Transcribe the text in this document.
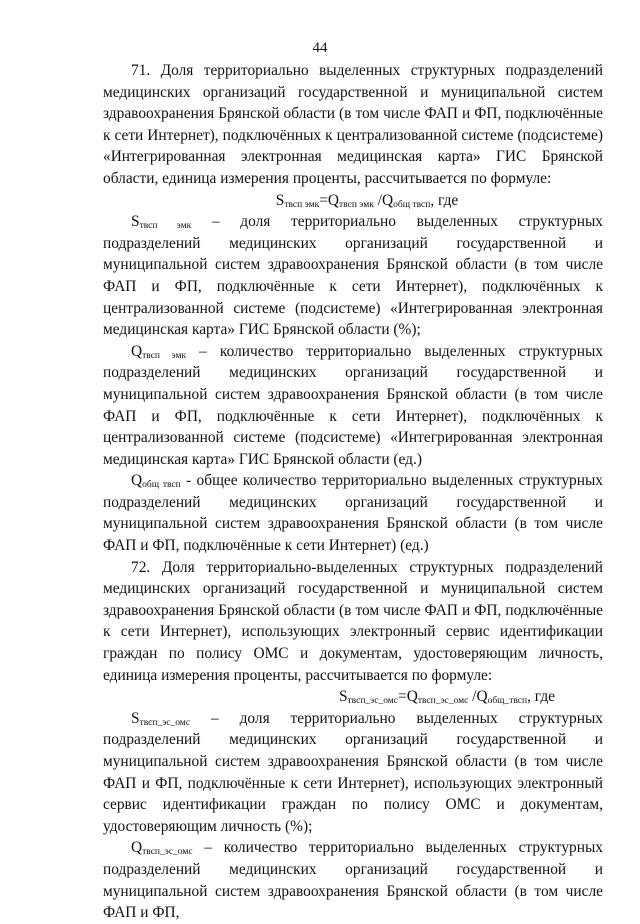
44

71. Доля территориально выделенных структурных подразделений медицинских организаций государственной и муниципальной систем здравоохранения Брянской области (в том числе ФАП и ФП, подключённые к сети Интернет), подключённых к централизованной системе (подсистеме) «Интегрированная электронная медицинская карта» ГИС Брянской области, единица измерения проценты, рассчитывается по формуле:

$S_{твсп эмк}=Q_{твсп эмк}$ $/Q_{общ твсп}$, где

$S_{твсп эмк}$ – доля территориально выделенных структурных подразделений медицинских организаций государственной и муниципальной систем здравоохранения Брянской области (в том числе ФАП и ФП, подключённые к сети Интернет), подключённых к централизованной системе (подсистеме) «Интегрированная электронная медицинская карта» ГИС Брянской области (%);

$Q_{твсп эмк}$ – количество территориально выделенных структурных подразделений медицинских организаций государственной и муниципальной систем здравоохранения Брянской области (в том числе ФАП и ФП, подключённые к сети Интернет), подключённых к централизованной системе (подсистеме) «Интегрированная электронная медицинская карта» ГИС Брянской области (ед.)

$Q_{общ твсп}$ - общее количество территориально выделенных структурных подразделений медицинских организаций государственной и муниципальной систем здравоохранения Брянской области (в том числе ФАП и ФП, подключённые к сети Интернет) (ед.)

72. Доля территориально-выделенных структурных подразделений медицинских организаций государственной и муниципальной систем здравоохранения Брянской области (в том числе ФАП и ФП, подключённые к сети Интернет), использующих электронный сервис идентификации граждан по полису ОМС и документам, удостоверяющим личность, единица измерения проценты, рассчитывается по формуле:

$S_{твсп\_эс\_омс}=Q_{твсп\_эс\_омс}$ $/Q_{общ\_твсп}$, где

$S_{твсп\_эс\_омс}$ – доля территориально выделенных структурных подразделений медицинских организаций государственной и муниципальной систем здравоохранения Брянской области (в том числе ФАП и ФП, подключённые к сети Интернет), использующих электронный сервис идентификации граждан по полису ОМС и документам, удостоверяющим личность (%);

$Q_{твсп\_эс\_омс}$ – количество территориально выделенных структурных подразделений медицинских организаций государственной и муниципальной систем здравоохранения Брянской области (в том числе ФАП и ФП,
